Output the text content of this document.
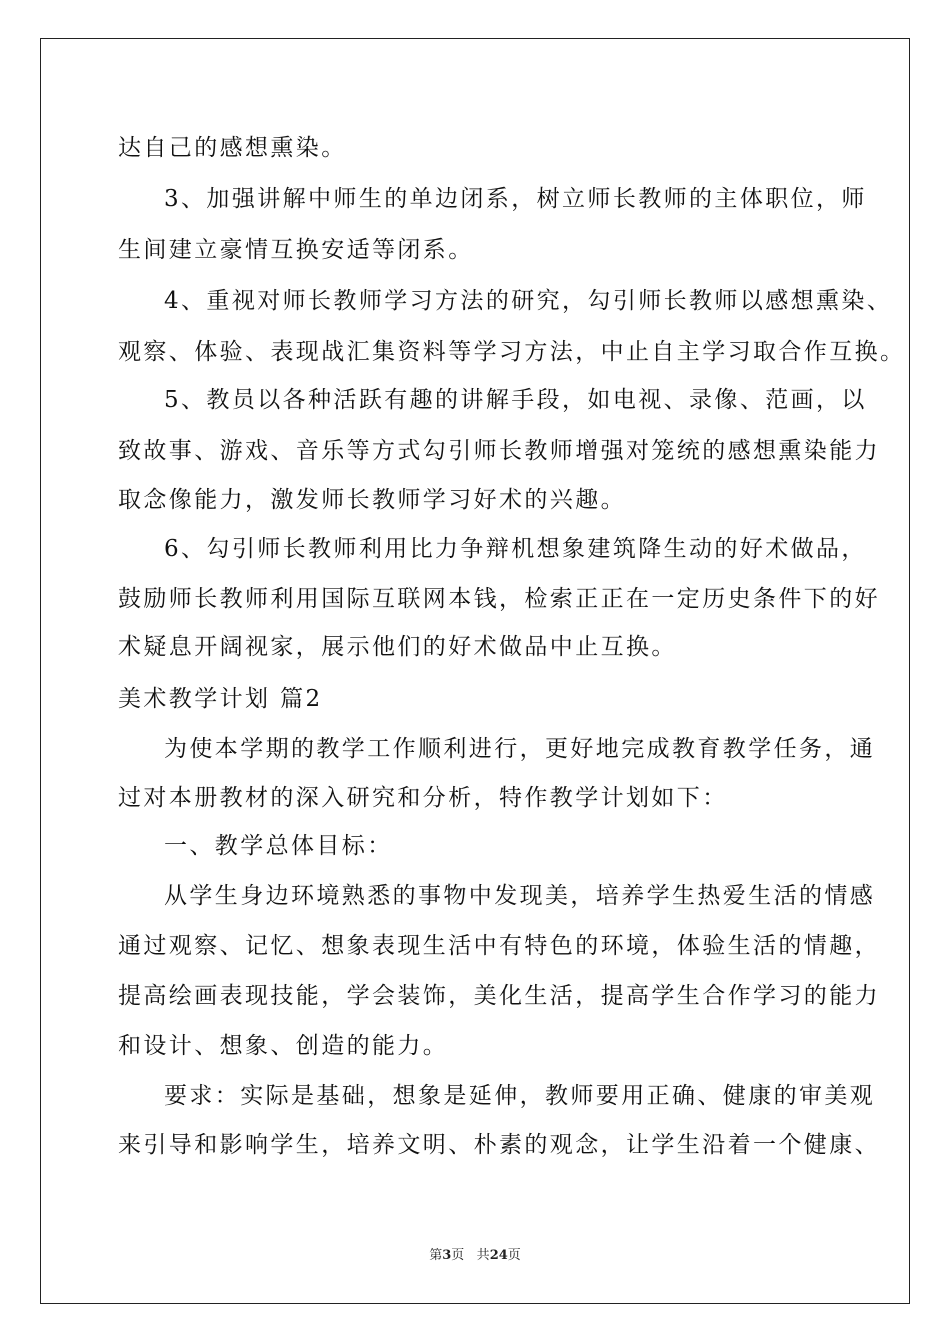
达自己的感想熏染。
3、加强讲解中师生的单边闭系，树立师长教师的主体职位，师
生间建立豪情互换安适等闭系。
4、重视对师长教师学习方法的研究，勾引师长教师以感想熏染、
观察、体验、表现战汇集资料等学习方法，中止自主学习取合作互换。
5、教员以各种活跃有趣的讲解手段，如电视、录像、范画，以
致故事、游戏、音乐等方式勾引师长教师增强对笼统的感想熏染能力
取念像能力，激发师长教师学习好术的兴趣。
6、勾引师长教师利用比力争辩机想象建筑降生动的好术做品，
鼓励师长教师利用国际互联网本钱，检索正正在一定历史条件下的好
术疑息开阔视家，展示他们的好术做品中止互换。
美术教学计划 篇2
为使本学期的教学工作顺利进行，更好地完成教育教学任务，通
过对本册教材的深入研究和分析，特作教学计划如下：
一、教学总体目标：
从学生身边环境熟悉的事物中发现美，培养学生热爱生活的情感
通过观察、记忆、想象表现生活中有特色的环境，体验生活的情趣，
提高绘画表现技能，学会装饰，美化生活，提高学生合作学习的能力
和设计、想象、创造的能力。
要求：实际是基础，想象是延伸，教师要用正确、健康的审美观
来引导和影响学生，培养文明、朴素的观念，让学生沿着一个健康、
第3页 共24页
